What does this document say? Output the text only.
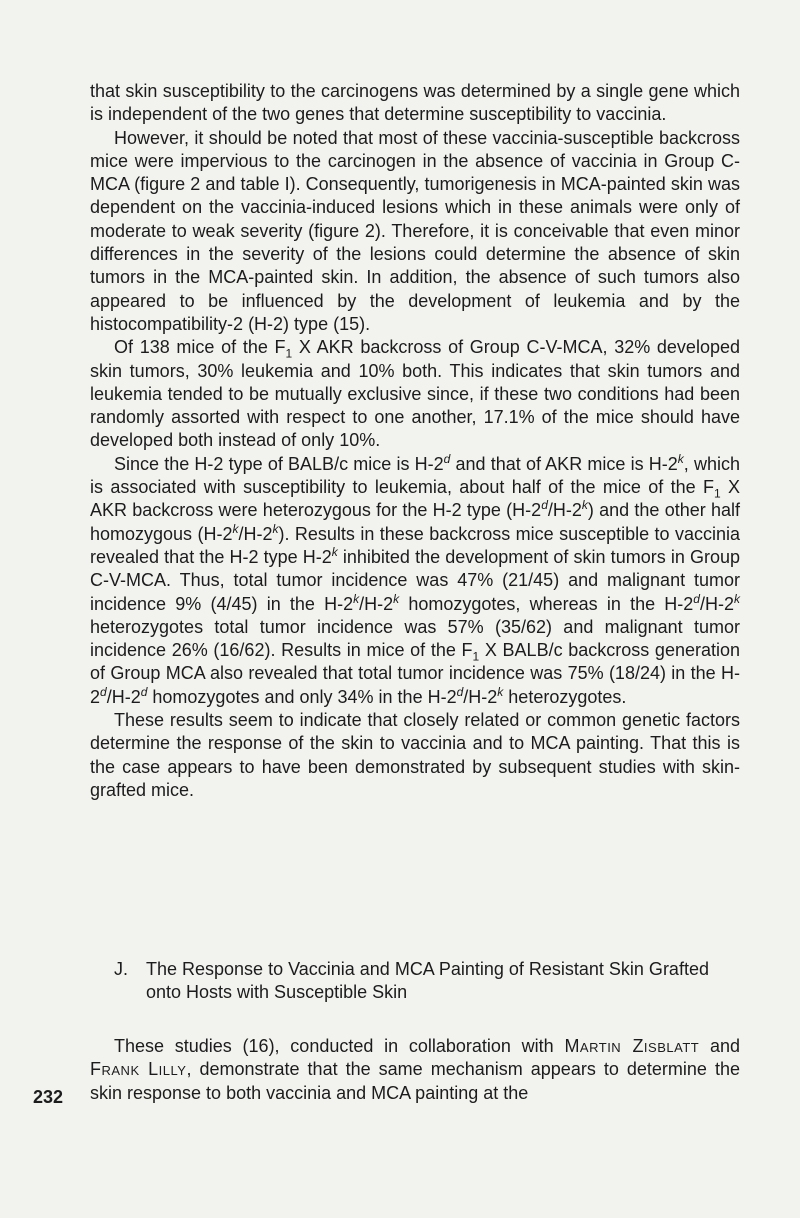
that skin susceptibility to the carcinogens was determined by a single gene which is independent of the two genes that determine susceptibility to vaccinia.

However, it should be noted that most of these vaccinia-susceptible backcross mice were impervious to the carcinogen in the absence of vaccinia in Group C-MCA (figure 2 and table I). Consequently, tumorigenesis in MCA-painted skin was dependent on the vaccinia-induced lesions which in these animals were only of moderate to weak severity (figure 2). Therefore, it is conceivable that even minor differences in the severity of the lesions could determine the absence of skin tumors in the MCA-painted skin. In addition, the absence of such tumors also appeared to be influenced by the development of leukemia and by the histocompatibility-2 (H-2) type (15).

Of 138 mice of the $F_1$ X AKR backcross of Group C-V-MCA, 32% developed skin tumors, 30% leukemia and 10% both. This indicates that skin tumors and leukemia tended to be mutually exclusive since, if these two conditions had been randomly assorted with respect to one another, 17.1% of the mice should have developed both instead of only 10%.

Since the H-2 type of BALB/c mice is H-2$^d$ and that of AKR mice is H-2$^k$, which is associated with susceptibility to leukemia, about half of the mice of the $F_1$ X AKR backcross were heterozygous for the H-2 type (H-2$^d$/H-2$^k$) and the other half homozygous (H-2$^k$/H-2$^k$). Results in these backcross mice susceptible to vaccinia revealed that the H-2 type H-2$^k$ inhibited the development of skin tumors in Group C-V-MCA. Thus, total tumor incidence was 47% (21/45) and malignant tumor incidence 9% (4/45) in the H-2$^k$/H-2$^k$ homozygotes, whereas in the H-2$^d$/H-2$^k$ heterozygotes total tumor incidence was 57% (35/62) and malignant tumor incidence 26% (16/62). Results in mice of the $F_1$ X BALB/c backcross generation of Group MCA also revealed that total tumor incidence was 75% (18/24) in the H-2$^d$/H-2$^d$ homozygotes and only 34% in the H-2$^d$/H-2$^k$ heterozygotes.

These results seem to indicate that closely related or common genetic factors determine the response of the skin to vaccinia and to MCA painting. That this is the case appears to have been demonstrated by subsequent studies with skin-grafted mice.

J. The Response to Vaccinia and MCA Painting of Resistant Skin Grafted onto Hosts with Susceptible Skin

These studies (16), conducted in collaboration with Martin Zisblatt and Frank Lilly, demonstrate that the same mechanism appears to determine the skin response to both vaccinia and MCA painting at the

232
